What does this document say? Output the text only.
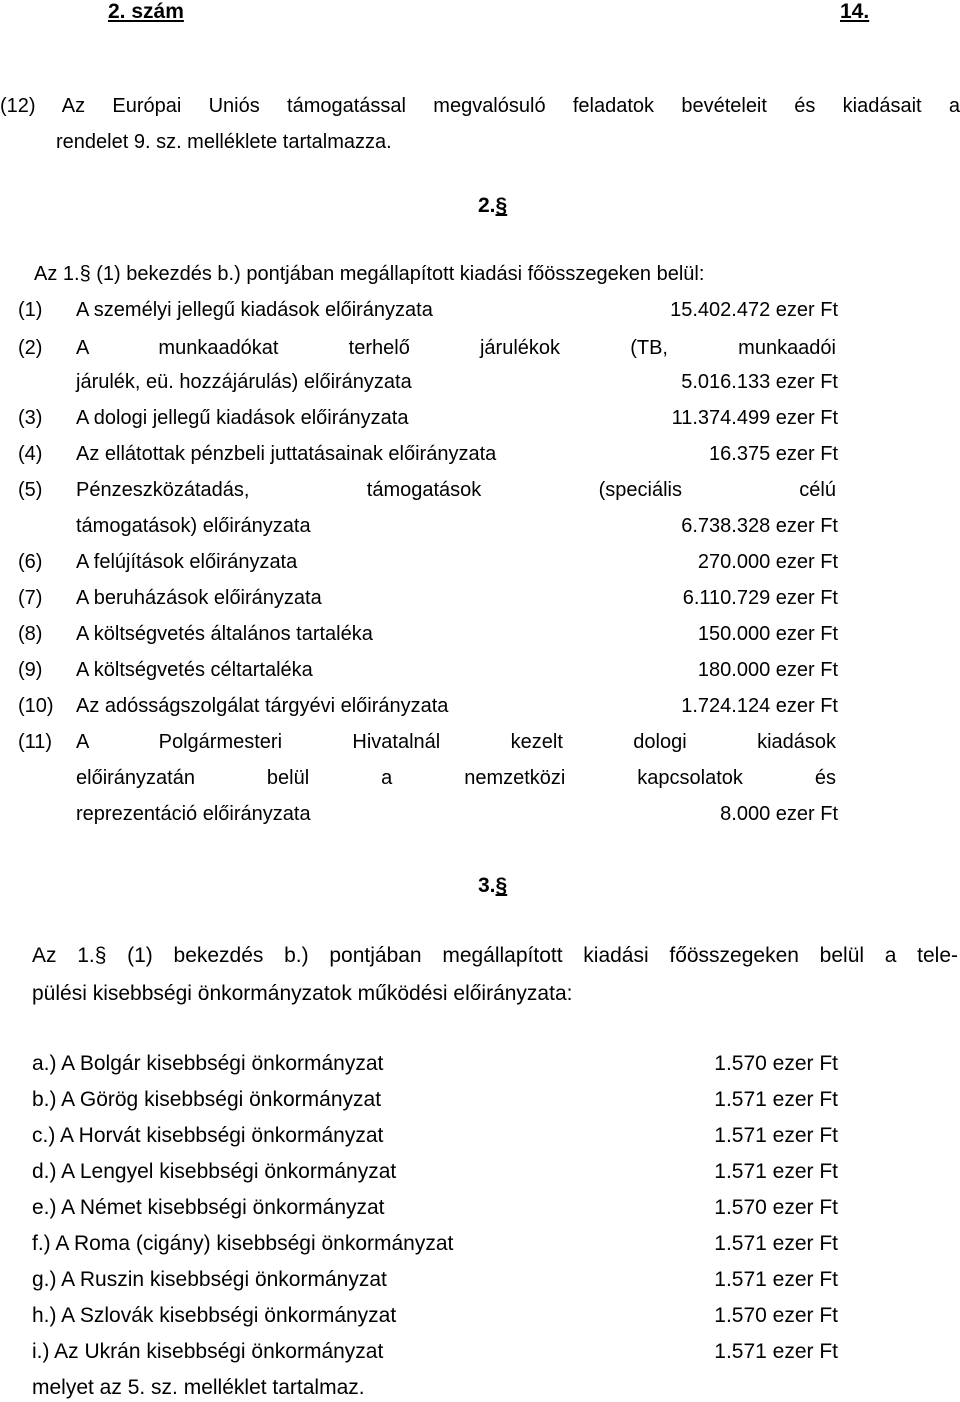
2. szám	14.
(12) Az Európai Uniós támogatással megvalósuló feladatok bevételeit és kiadásait a
rendelet 9. sz. melléklete tartalmazza.
2.§
Az 1.§ (1) bekezdés b.) pontjában megállapított kiadási főösszegeken belül:
(1) A személyi jellegű kiadások előirányzata	15.402.472 ezer Ft
(2) A munkaadókat terhelő járulékok (TB, munkaadói
járulék, eü. hozzájárulás) előirányzata	5.016.133 ezer Ft
(3) A dologi jellegű kiadások előirányzata	11.374.499 ezer Ft
(4) Az ellátottak pénzbeli juttatásainak előirányzata	16.375 ezer Ft
(5) Pénzeszközátadás, támogatások (speciális célú
támogatások) előirányzata	6.738.328 ezer Ft
(6) A felújítások előirányzata	270.000 ezer Ft
(7) A beruházások előirányzata	6.110.729 ezer Ft
(8) A költségvetés általános tartaléka	150.000 ezer Ft
(9) A költségvetés céltartaléka	180.000 ezer Ft
(10) Az adósságszolgálat tárgyévi előirányzata	1.724.124 ezer Ft
(11) A Polgármesteri Hivatalnál kezelt dologi kiadások
előirányzatán belül a nemzetközi kapcsolatok és
reprezentáció előirányzata	8.000 ezer Ft
3.§
Az 1.§ (1) bekezdés b.) pontjában megállapított kiadási főösszegeken belül a tele-
pülési kisebbségi önkormányzatok működési előirányzata:
a.) A Bolgár kisebbségi önkormányzat	1.570 ezer Ft
b.) A Görög kisebbségi önkormányzat	1.571 ezer Ft
c.) A Horvát kisebbségi önkormányzat	1.571 ezer Ft
d.) A Lengyel kisebbségi önkormányzat	1.571 ezer Ft
e.) A Német kisebbségi önkormányzat	1.570 ezer Ft
f.) A Roma (cigány) kisebbségi önkormányzat	1.571 ezer Ft
g.) A Ruszin kisebbségi önkormányzat	1.571 ezer Ft
h.) A Szlovák kisebbségi önkormányzat	1.570 ezer Ft
i.) Az Ukrán kisebbségi önkormányzat	1.571 ezer Ft
melyet az 5. sz. melléklet tartalmaz.
